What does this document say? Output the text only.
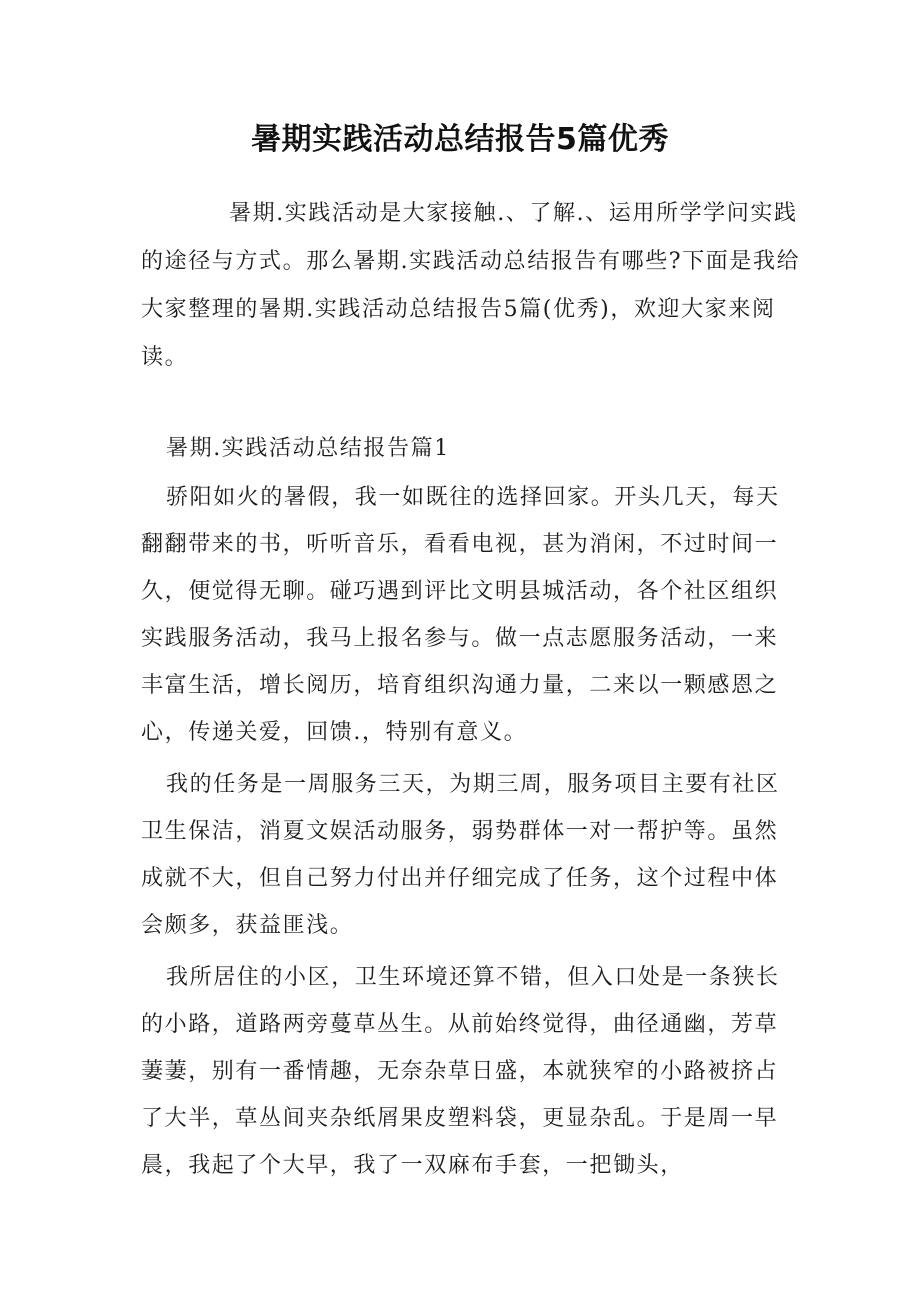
暑期实践活动总结报告5篇优秀

暑期.实践活动是大家接触.、了解.、运用所学学问实践的途径与方式。那么暑期.实践活动总结报告有哪些?下面是我给大家整理的暑期.实践活动总结报告5篇(优秀)，欢迎大家来阅读。

暑期.实践活动总结报告篇1

骄阳如火的暑假，我一如既往的选择回家。开头几天，每天翻翻带来的书，听听音乐，看看电视，甚为消闲，不过时间一久，便觉得无聊。碰巧遇到评比文明县城活动，各个社区组织实践服务活动，我马上报名参与。做一点志愿服务活动，一来丰富生活，增长阅历，培育组织沟通力量，二来以一颗感恩之心，传递关爱，回馈.，特别有意义。

我的任务是一周服务三天，为期三周，服务项目主要有社区卫生保洁，消夏文娱活动服务，弱势群体一对一帮护等。虽然成就不大，但自己努力付出并仔细完成了任务，这个过程中体会颇多，获益匪浅。

我所居住的小区，卫生环境还算不错，但入口处是一条狭长的小路，道路两旁蔓草丛生。从前始终觉得，曲径通幽，芳草萋萋，别有一番情趣，无奈杂草日盛，本就狭窄的小路被挤占了大半，草丛间夹杂纸屑果皮塑料袋，更显杂乱。于是周一早晨，我起了个大早，我了一双麻布手套，一把锄头，
